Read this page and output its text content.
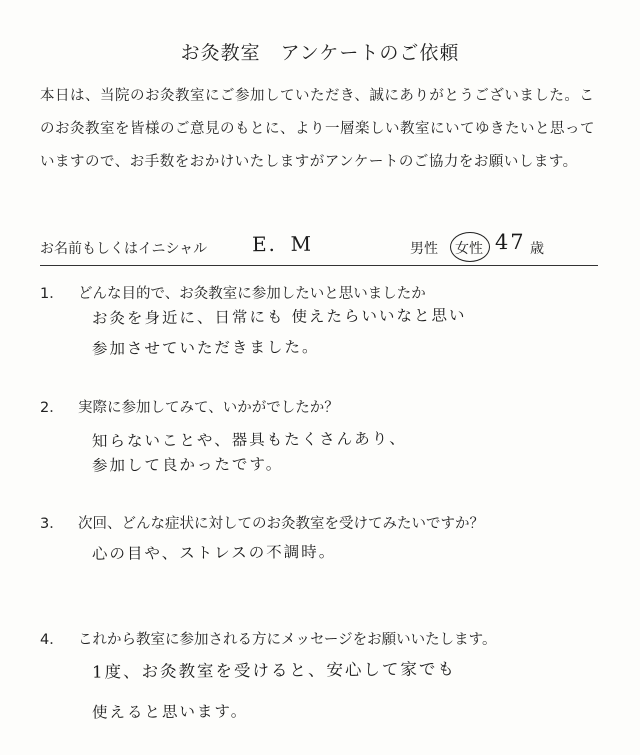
お灸教室　アンケートのご依頼
本日は、当院のお灸教室にご参加していただき、誠にありがとうございました。こ
のお灸教室を皆様のご意見のもとに、より一層楽しい教室にいてゆきたいと思って
いますので、お手数をおかけいたしますがアンケートのご協力をお願いします。
お名前もしくはイニシャル E．M	男性 女性 47 歳
1． どんな目的で、お灸教室に参加したいと思いましたか
お灸を身近に、日常にも 使えたらいいなと思い
参加させていただきました。
2． 実際に参加してみて、いかがでしたか？
知らないことや、器具もたくさんあり、
参加して良かったです。
3． 次回、どんな症状に対してのお灸教室を受けてみたいですか？
心の目や、ストレスの不調時。
4． これから教室に参加される方にメッセージをお願いいたします。
1度、お灸教室を受けると、安心して家でも
使えると思います。
